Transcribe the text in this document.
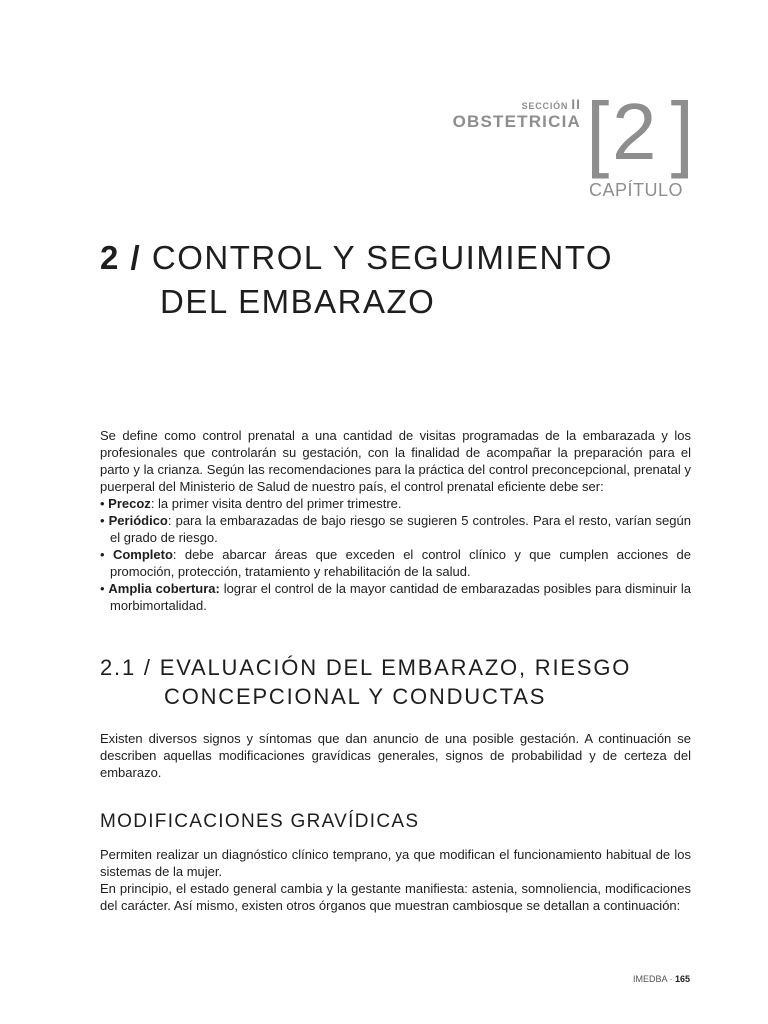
SECCIÓN II
OBSTETRICIA [ 2 ]
CAPÍTULO
2 / CONTROL Y SEGUIMIENTO
DEL EMBARAZO
Se define como control prenatal a una cantidad de visitas programadas de la embarazada y los profesionales que controlarán su gestación, con la finalidad de acompañar la preparación para el parto y la crianza. Según las recomendaciones para la práctica del control preconcepcional, prenatal y puerperal del Ministerio de Salud de nuestro país, el control prenatal eficiente debe ser:
• Precoz: la primer visita dentro del primer trimestre.
• Periódico: para la embarazadas de bajo riesgo se sugieren 5 controles. Para el resto, varían según el grado de riesgo.
• Completo: debe abarcar áreas que exceden el control clínico y que cumplen acciones de promoción, protección, tratamiento y rehabilitación de la salud.
• Amplia cobertura: lograr el control de la mayor cantidad de embarazadas posibles para disminuir la morbimortalidad.
2.1 / EVALUACIÓN DEL EMBARAZO, RIESGO
CONCEPCIONAL Y CONDUCTAS
Existen diversos signos y síntomas que dan anuncio de una posible gestación. A continuación se describen aquellas modificaciones gravídicas generales, signos de probabilidad y de certeza del embarazo.
MODIFICACIONES GRAVÍDICAS
Permiten realizar un diagnóstico clínico temprano, ya que modifican el funcionamiento habitual de los sistemas de la mujer.
En principio, el estado general cambia y la gestante manifiesta: astenia, somnoliencia, modificaciones del carácter. Así mismo, existen otros órganos que muestran cambiosque se detallan a continuación:
IMEDBA · 165
